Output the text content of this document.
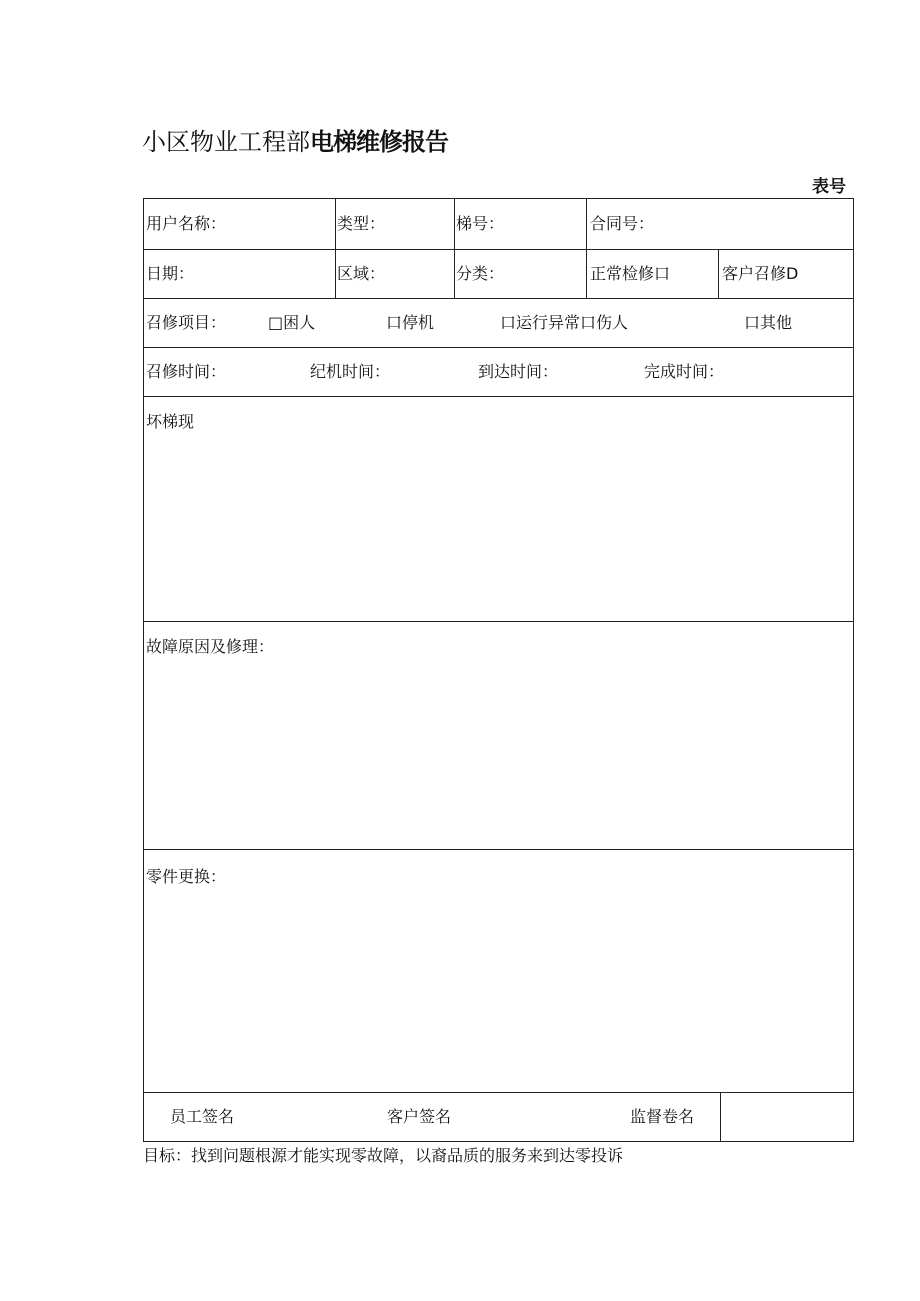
小区物业工程部电梯维修报告
表号
用户名称：	类型：	梯号：	合同号：
日期：	区域：	分类：	正常检修口	客户召修D
召修项目：	□困人	口停机	口运行异常口伤人	口其他
召修时间：	纪机时间：	到达时间：	完成时间：
坏梯现
故障原因及修理：
零件更换：
员工签名	客户签名	监督卷名
目标：找到问题根源才能实现零故障，以裔品质的服务来到达零投诉
